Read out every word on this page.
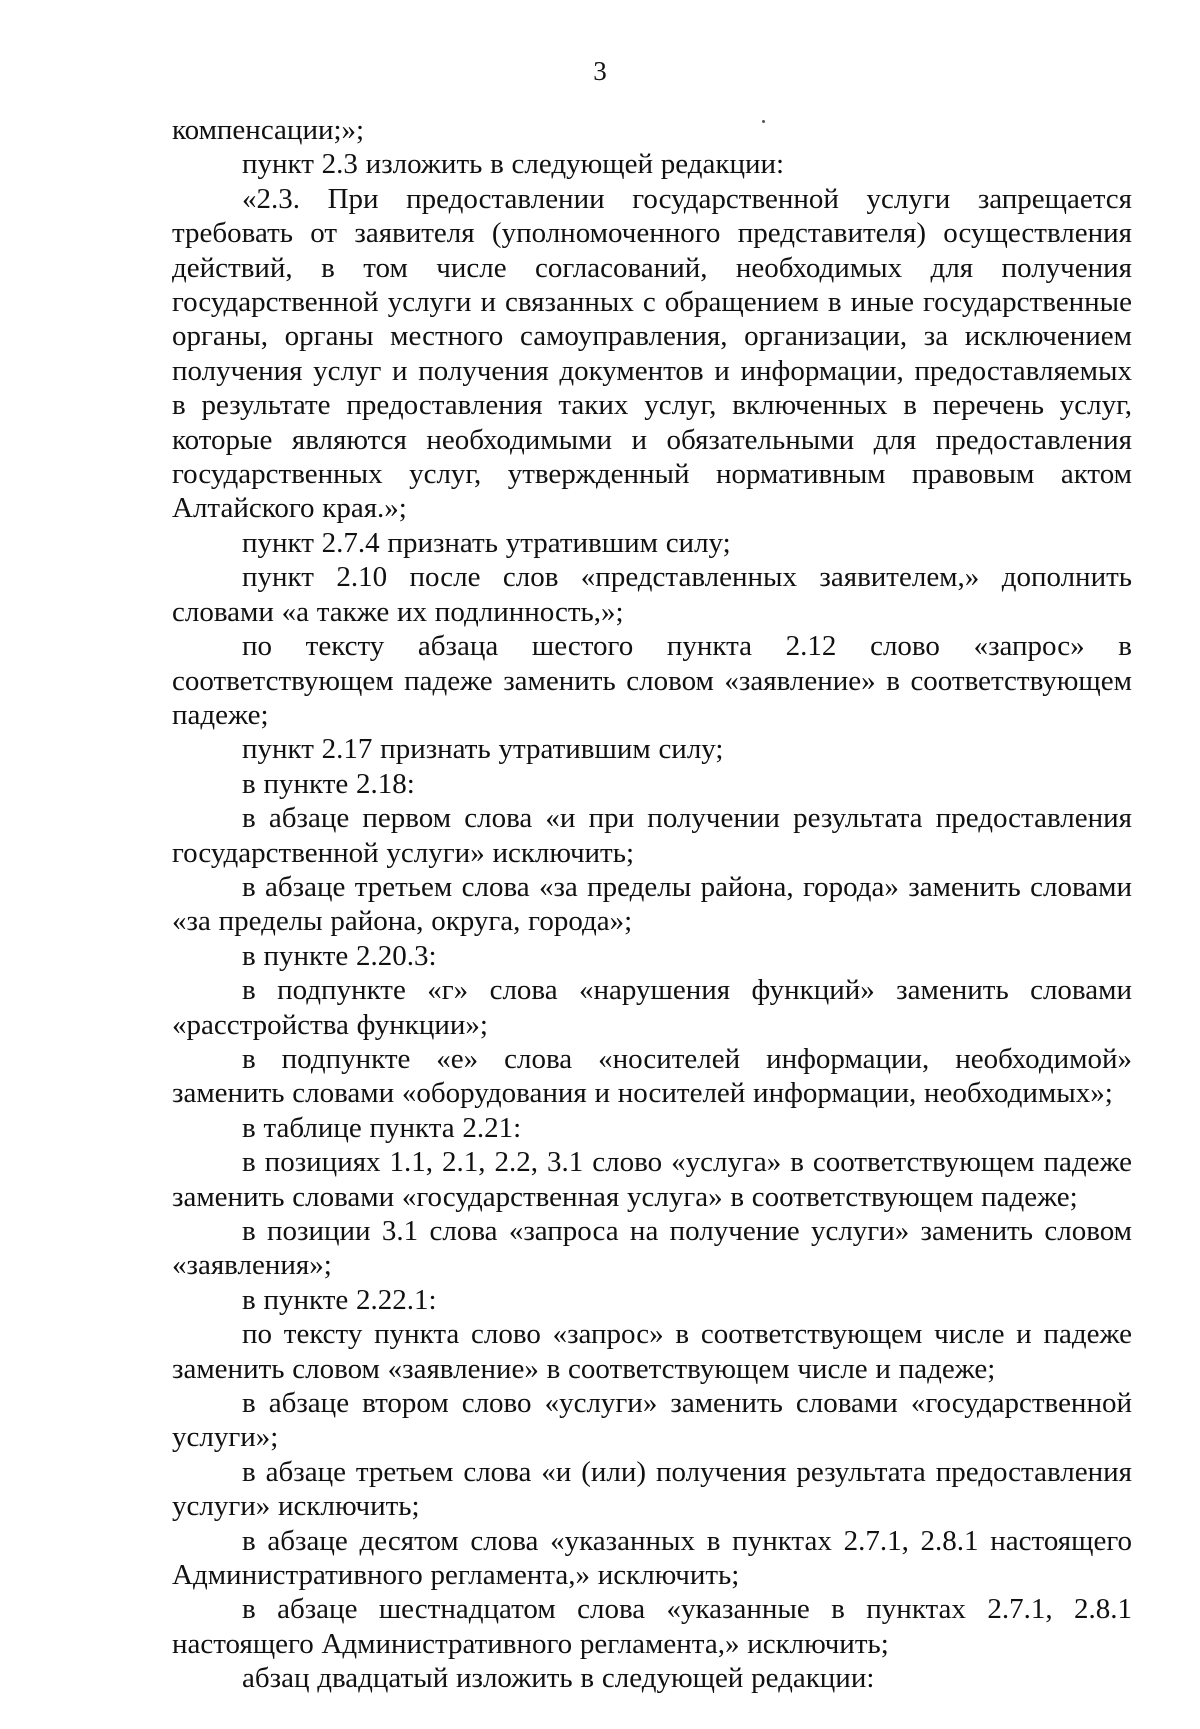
3

компенсации;»;

пункт 2.3 изложить в следующей редакции:

«2.3. При предоставлении государственной услуги запрещается требовать от заявителя (уполномоченного представителя) осуществления действий, в том числе согласований, необходимых для получения государственной услуги и связанных с обращением в иные государственные органы, органы местного самоуправления, организации, за исключением получения услуг и получения документов и информации, предоставляемых в результате предоставления таких услуг, включенных в перечень услуг, которые являются необходимыми и обязательными для предоставления государственных услуг, утвержденный нормативным правовым актом Алтайского края.»;

пункт 2.7.4 признать утратившим силу;

пункт 2.10 после слов «представленных заявителем,» дополнить словами «а также их подлинность,»;

по тексту абзаца шестого пункта 2.12 слово «запрос» в соответствующем падеже заменить словом «заявление» в соответствующем падеже;

пункт 2.17 признать утратившим силу;

в пункте 2.18:

в абзаце первом слова «и при получении результата предоставления государственной услуги» исключить;

в абзаце третьем слова «за пределы района, города» заменить словами «за пределы района, округа, города»;

в пункте 2.20.3:

в подпункте «г» слова «нарушения функций» заменить словами «расстройства функции»;

в подпункте «е» слова «носителей информации, необходимой» заменить словами «оборудования и носителей информации, необходимых»;

в таблице пункта 2.21:

в позициях 1.1, 2.1, 2.2, 3.1 слово «услуга» в соответствующем падеже заменить словами «государственная услуга» в соответствующем падеже;

в позиции 3.1 слова «запроса на получение услуги» заменить словом «заявления»;

в пункте 2.22.1:

по тексту пункта слово «запрос» в соответствующем числе и падеже заменить словом «заявление» в соответствующем числе и падеже;

в абзаце втором слово «услуги» заменить словами «государственной услуги»;

в абзаце третьем слова «и (или) получения результата предоставления услуги» исключить;

в абзаце десятом слова «указанных в пунктах 2.7.1, 2.8.1 настоящего Административного регламента,» исключить;

в абзаце шестнадцатом слова «указанные в пунктах 2.7.1, 2.8.1 настоящего Административного регламента,» исключить;

абзац двадцатый изложить в следующей редакции:
